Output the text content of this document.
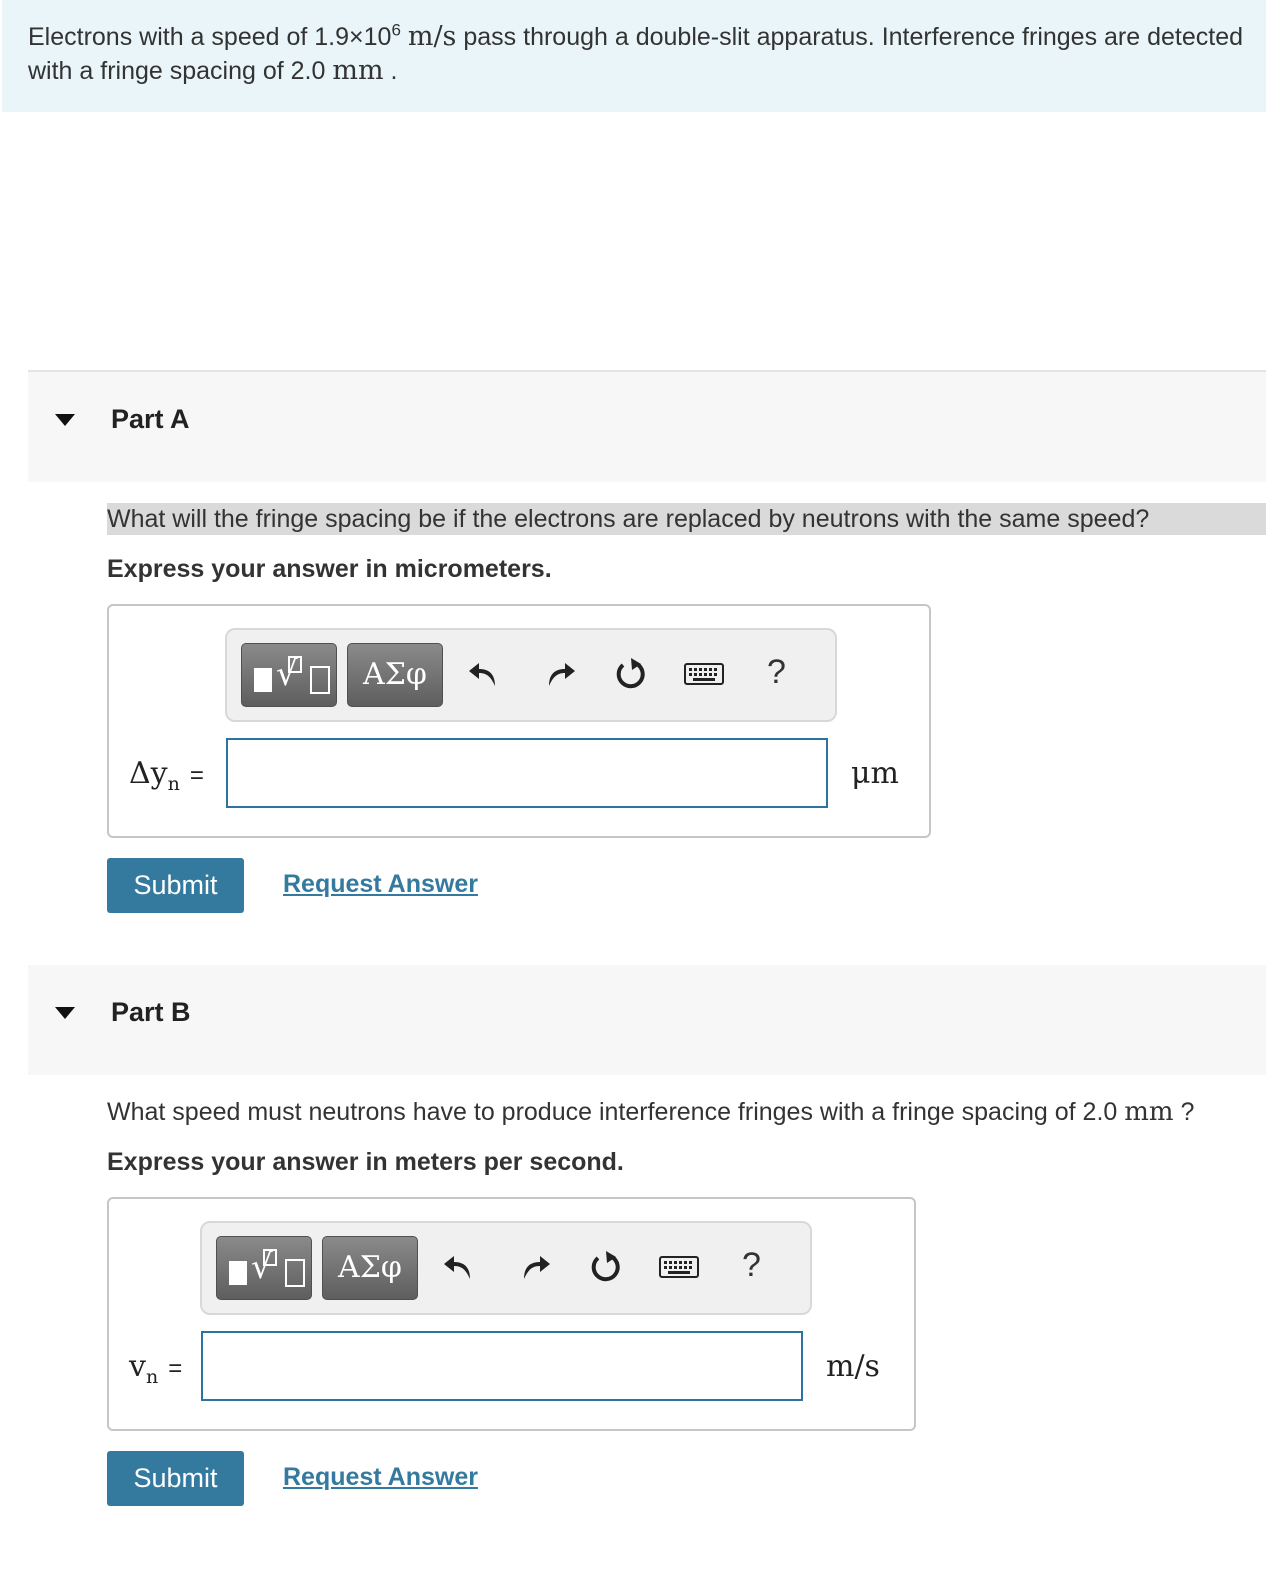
Electrons with a speed of $1.9\times 10^6$ m/s pass through a double-slit apparatus. Interference fringes are detected with a fringe spacing of 2.0 mm .

Part A

What will the fringe spacing be if the electrons are replaced by neutrons with the same speed?

Express your answer in micrometers.

√	ΑΣφ	?
$\Delta y_n$ =	μm
Submit	Request Answer
Part B

What speed must neutrons have to produce interference fringes with a fringe spacing of 2.0 mm ?

Express your answer in meters per second.

√	ΑΣφ	?
$v_n$ =	m/s
Submit	Request Answer
